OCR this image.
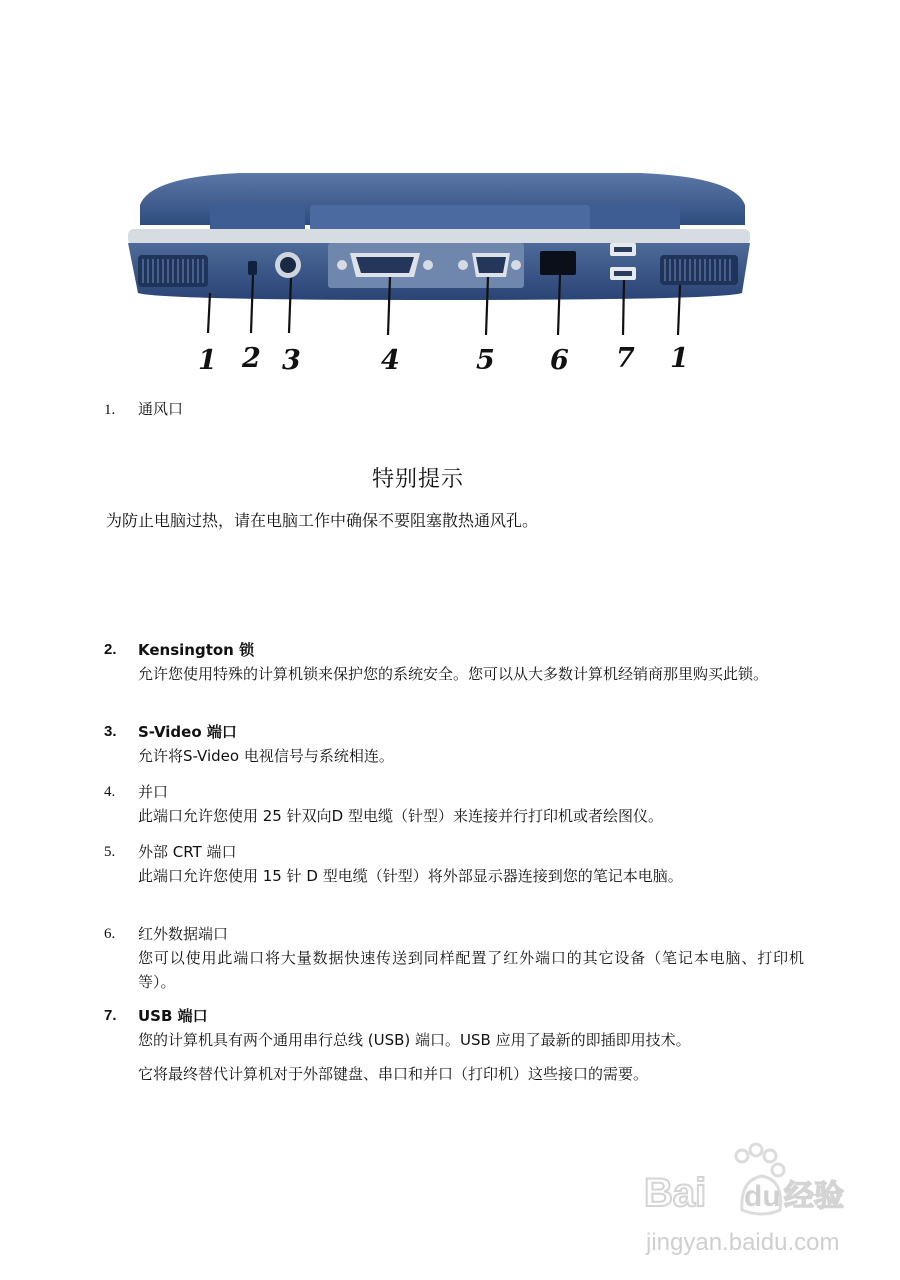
1 2 3	4	5 6 7 1
1. 通风口
特别提示
为防止电脑过热，请在电脑工作中确保不要阻塞散热通风孔。
2.	Kensington 锁
允许您使用特殊的计算机锁来保护您的系统安全。您可以从大多数计算机经销商那里购买此锁。
3.	S-Video 端口
允许将S-Video 电视信号与系统相连。
4.	并口
此端口允许您使用 25 针双向D 型电缆（针型）来连接并行打印机或者绘图仪。
5.	外部 CRT 端口
此端口允许您使用 15 针 D 型电缆（针型）将外部显示器连接到您的笔记本电脑。
6.	红外数据端口
您可以使用此端口将大量数据快速传送到同样配置了红外端口的其它设备（笔记本电脑、打印机等）。
7.	USB 端口
您的计算机具有两个通用串行总线 (USB) 端口。USB 应用了最新的即插即用技术。
它将最终替代计算机对于外部键盘、串口和并口（打印机）这些接口的需要。
Bai du 经验
jingyan.baidu.com
